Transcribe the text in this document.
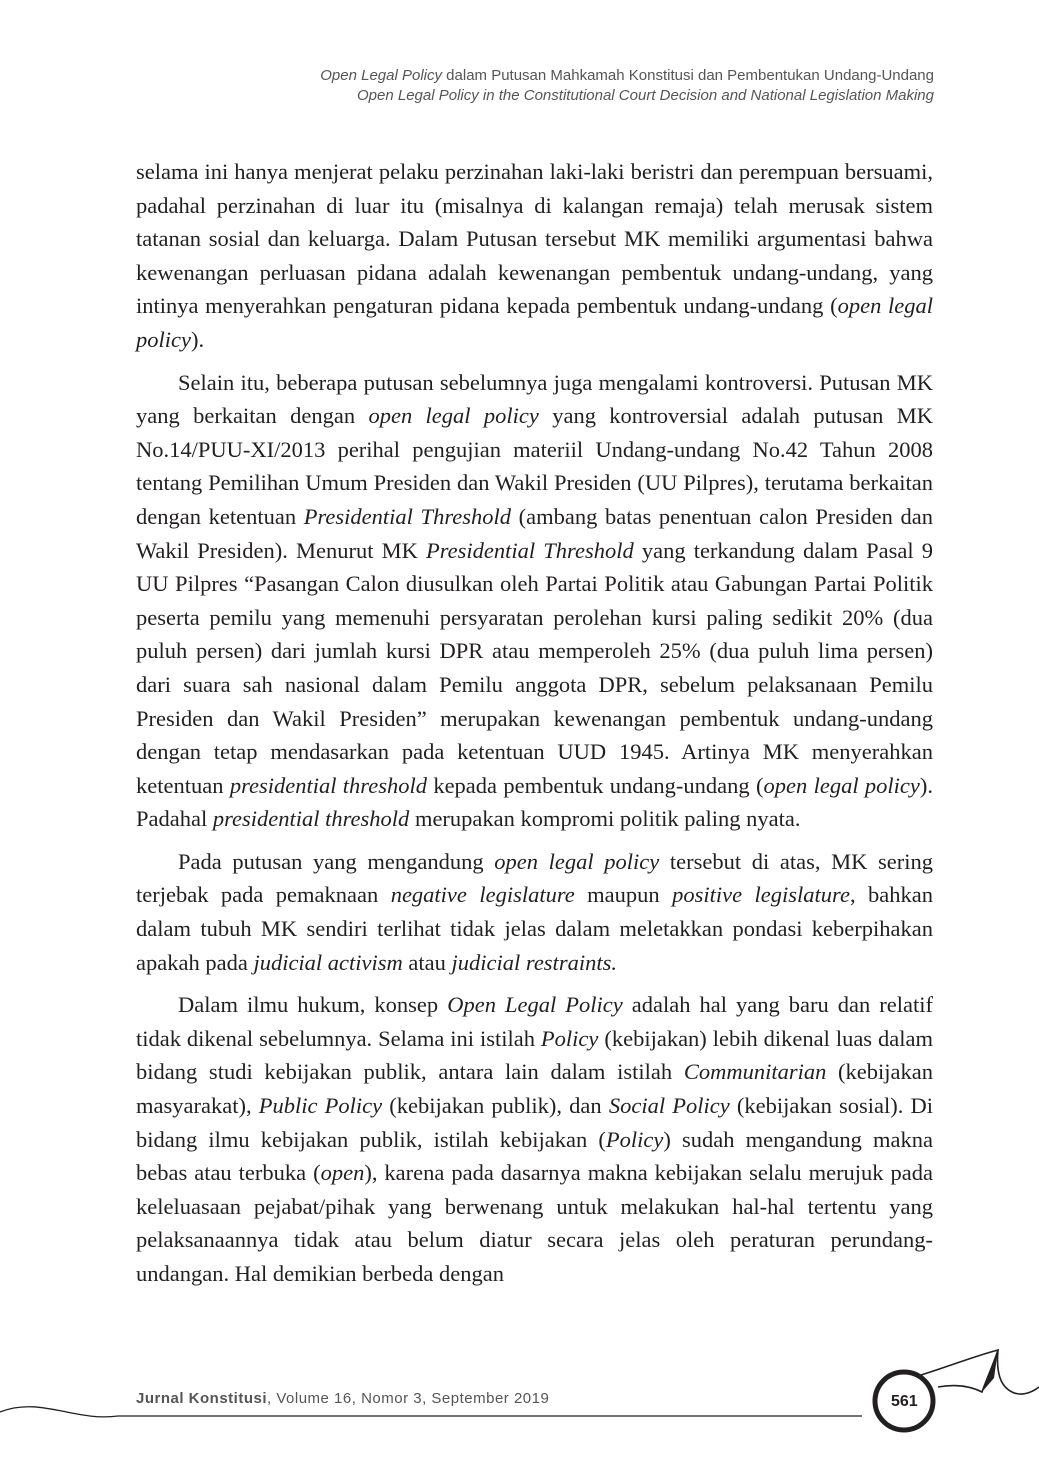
Open Legal Policy dalam Putusan Mahkamah Konstitusi dan Pembentukan Undang-Undang
Open Legal Policy in the Constitutional Court Decision and National Legislation Making

selama ini hanya menjerat pelaku perzinahan laki-laki beristri dan perempuan bersuami, padahal perzinahan di luar itu (misalnya di kalangan remaja) telah merusak sistem tatanan sosial dan keluarga. Dalam Putusan tersebut MK memiliki argumentasi bahwa kewenangan perluasan pidana adalah kewenangan pembentuk undang-undang, yang intinya menyerahkan pengaturan pidana kepada pembentuk undang-undang (open legal policy).

Selain itu, beberapa putusan sebelumnya juga mengalami kontroversi. Putusan MK yang berkaitan dengan open legal policy yang kontroversial adalah putusan MK No.14/PUU-XI/2013 perihal pengujian materiil Undang-undang No.42 Tahun 2008 tentang Pemilihan Umum Presiden dan Wakil Presiden (UU Pilpres), terutama berkaitan dengan ketentuan Presidential Threshold (ambang batas penentuan calon Presiden dan Wakil Presiden). Menurut MK Presidential Threshold yang terkandung dalam Pasal 9 UU Pilpres “Pasangan Calon diusulkan oleh Partai Politik atau Gabungan Partai Politik peserta pemilu yang memenuhi persyaratan perolehan kursi paling sedikit 20% (dua puluh persen) dari jumlah kursi DPR atau memperoleh 25% (dua puluh lima persen) dari suara sah nasional dalam Pemilu anggota DPR, sebelum pelaksanaan Pemilu Presiden dan Wakil Presiden” merupakan kewenangan pembentuk undang-undang dengan tetap mendasarkan pada ketentuan UUD 1945. Artinya MK menyerahkan ketentuan presidential threshold kepada pembentuk undang-undang (open legal policy). Padahal presidential threshold merupakan kompromi politik paling nyata.

Pada putusan yang mengandung open legal policy tersebut di atas, MK sering terjebak pada pemaknaan negative legislature maupun positive legislature, bahkan dalam tubuh MK sendiri terlihat tidak jelas dalam meletakkan pondasi keberpihakan apakah pada judicial activism atau judicial restraints.

Dalam ilmu hukum, konsep Open Legal Policy adalah hal yang baru dan relatif tidak dikenal sebelumnya. Selama ini istilah Policy (kebijakan) lebih dikenal luas dalam bidang studi kebijakan publik, antara lain dalam istilah Communitarian (kebijakan masyarakat), Public Policy (kebijakan publik), dan Social Policy (kebijakan sosial). Di bidang ilmu kebijakan publik, istilah kebijakan (Policy) sudah mengandung makna bebas atau terbuka (open), karena pada dasarnya makna kebijakan selalu merujuk pada keleluasaan pejabat/pihak yang berwenang untuk melakukan hal-hal tertentu yang pelaksanaannya tidak atau belum diatur secara jelas oleh peraturan perundang-undangan. Hal demikian berbeda dengan

Jurnal Konstitusi, Volume 16, Nomor 3, September 2019	561
